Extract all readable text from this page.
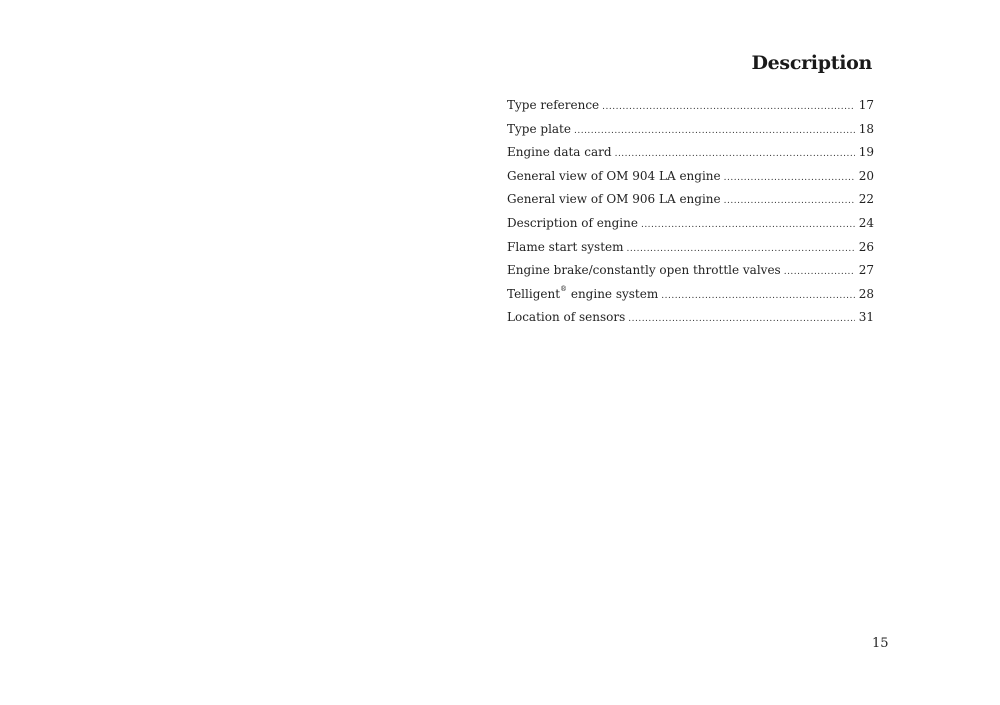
Description
Type reference .....	17
Type plate .....	18
Engine data card .....	19
General view of OM 904 LA engine .....	20
General view of OM 906 LA engine .....	22
Description of engine .....	24
Flame start system .....	26
Engine brake/constantly open throttle valves .....	27
Telligent® engine system .....	28
Location of sensors .....	31
15
